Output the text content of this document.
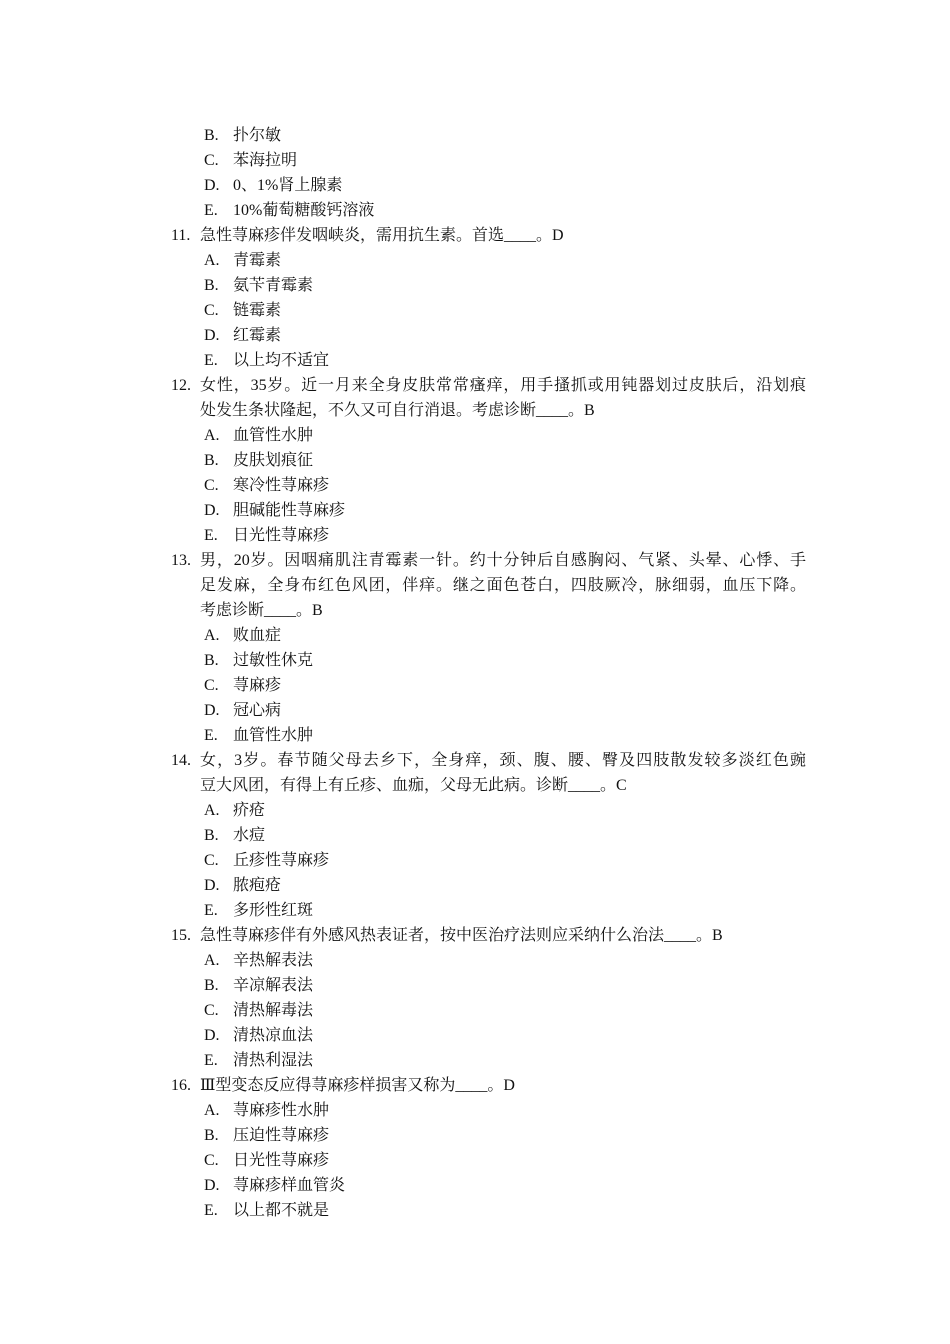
B. 扑尔敏
C. 苯海拉明
D. 0、1%肾上腺素
E. 10%葡萄糖酸钙溶液
11. 急性荨麻疹伴发咽峡炎，需用抗生素。首选____。D
A. 青霉素
B. 氨苄青霉素
C. 链霉素
D. 红霉素
E. 以上均不适宜
12. 女性，35岁。近一月来全身皮肤常常瘙痒，用手搔抓或用钝器划过皮肤后，沿划痕
处发生条状隆起，不久又可自行消退。考虑诊断____。B
A. 血管性水肿
B. 皮肤划痕征
C. 寒冷性荨麻疹
D. 胆碱能性荨麻疹
E. 日光性荨麻疹
13. 男，20岁。因咽痛肌注青霉素一针。约十分钟后自感胸闷、气紧、头晕、心悸、手
足发麻，全身布红色风团，伴痒。继之面色苍白，四肢厥冷，脉细弱，血压下降。
考虑诊断____。B
A. 败血症
B. 过敏性休克
C. 荨麻疹
D. 冠心病
E. 血管性水肿
14. 女，3岁。春节随父母去乡下，全身痒，颈、腹、腰、臀及四肢散发较多淡红色豌
豆大风团，有得上有丘疹、血痂，父母无此病。诊断____。C
A. 疥疮
B. 水痘
C. 丘疹性荨麻疹
D. 脓疱疮
E. 多形性红斑
15. 急性荨麻疹伴有外感风热表证者，按中医治疗法则应采纳什么治法____。B
A. 辛热解表法
B. 辛凉解表法
C. 清热解毒法
D. 清热凉血法
E. 清热利湿法
16. Ⅲ型变态反应得荨麻疹样损害又称为____。D
A. 荨麻疹性水肿
B. 压迫性荨麻疹
C. 日光性荨麻疹
D. 荨麻疹样血管炎
E. 以上都不就是
